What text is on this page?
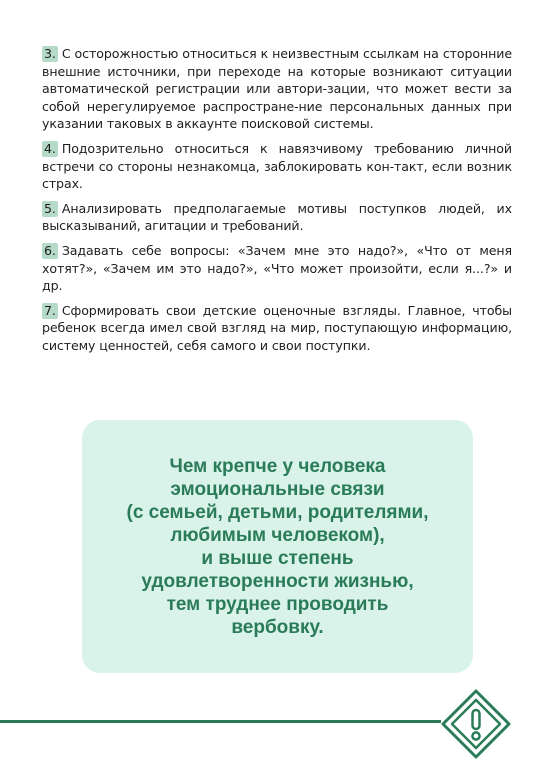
3. С осторожностью относиться к неизвестным ссылкам на сторонние внешние источники, при переходе на которые возникают ситуации автоматической регистрации или автори-зации, что может вести за собой нерегулируемое распростране-ние персональных данных при указании таковых в аккаунте поисковой системы.

4. Подозрительно относиться к навязчивому требованию личной встречи со стороны незнакомца, заблокировать кон-такт, если возник страх.

5. Анализировать предполагаемые мотивы поступков людей, их высказываний, агитации и требований.

6. Задавать себе вопросы: «Зачем мне это надо?», «Что от меня хотят?», «Зачем им это надо?», «Что может произойти, если я...?» и др.

7. Сформировать свои детские оценочные взгляды. Главное, чтобы ребенок всегда имел свой взгляд на мир, поступающую информацию, систему ценностей, себя самого и свои поступки.

Чем крепче у человека
эмоциональные связи
(с семьей, детьми, родителями,
любимым человеком),
и выше степень
удовлетворенности жизнью,
тем труднее проводить
вербовку.
